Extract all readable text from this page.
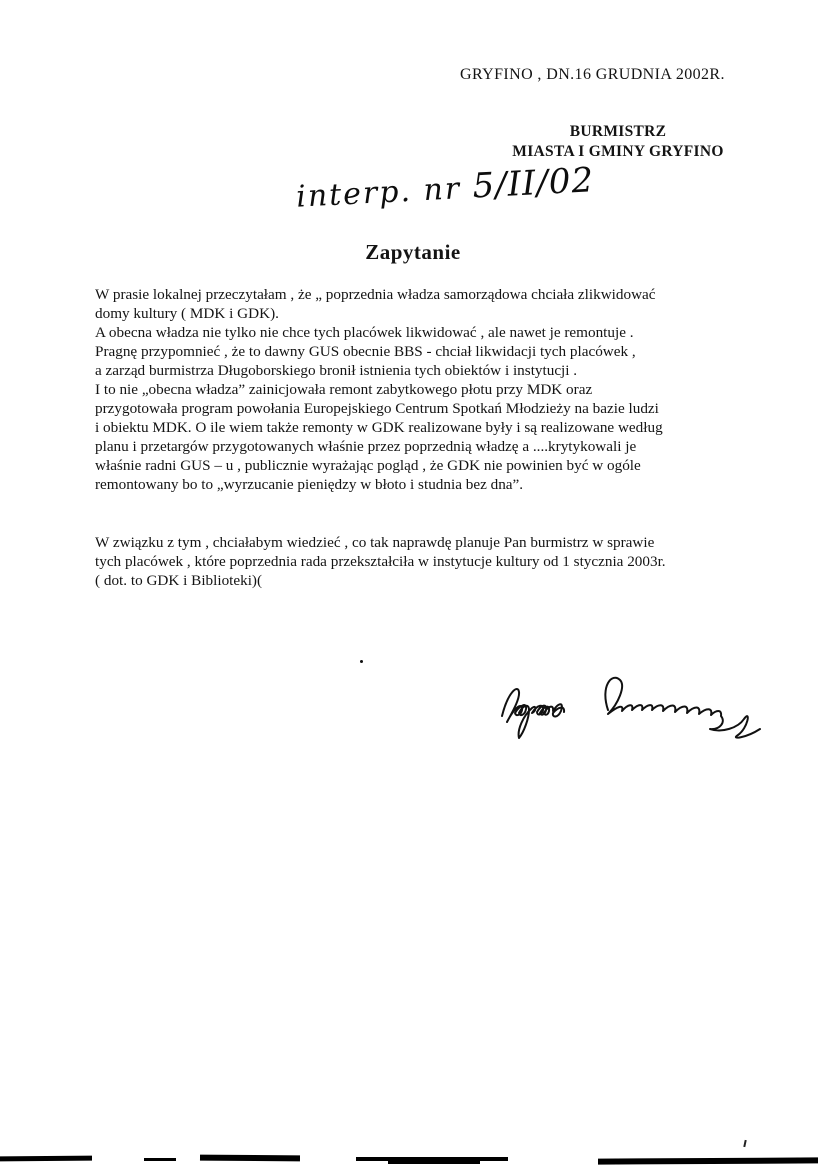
GRYFINO , DN.16 GRUDNIA 2002R.
BURMISTRZ
MIASTA I GMINY GRYFINO
interp. nr 5/II/02
Zapytanie
W prasie lokalnej przeczytałam , że „ poprzednia władza samorządowa chciała zlikwidować
domy kultury ( MDK i GDK).
A obecna władza nie tylko nie chce tych placówek likwidować , ale nawet je remontuje .
Pragnę przypomnieć , że to dawny GUS obecnie BBS - chciał likwidacji tych placówek ,
a zarząd burmistrza Długoborskiego bronił istnienia tych obiektów i instytucji .
I to nie „obecna władza” zainicjowała remont zabytkowego płotu przy MDK oraz
przygotowała program powołania Europejskiego Centrum Spotkań Młodzieży na bazie ludzi
i obiektu MDK. O ile wiem także remonty w GDK realizowane były i są realizowane według
planu i przetargów przygotowanych właśnie przez poprzednią władzę a ....krytykowali je
właśnie radni GUS – u , publicznie wyrażając pogląd , że GDK nie powinien być w ogóle
remontowany bo to „wyrzucanie pieniędzy w błoto i studnia bez dna”.
W związku z tym , chciałabym wiedzieć , co tak naprawdę planuje Pan burmistrz w sprawie
tych placówek , które poprzednia rada przekształciła w instytucje kultury od 1 stycznia 2003r.
( dot. to GDK i Biblioteki)(
